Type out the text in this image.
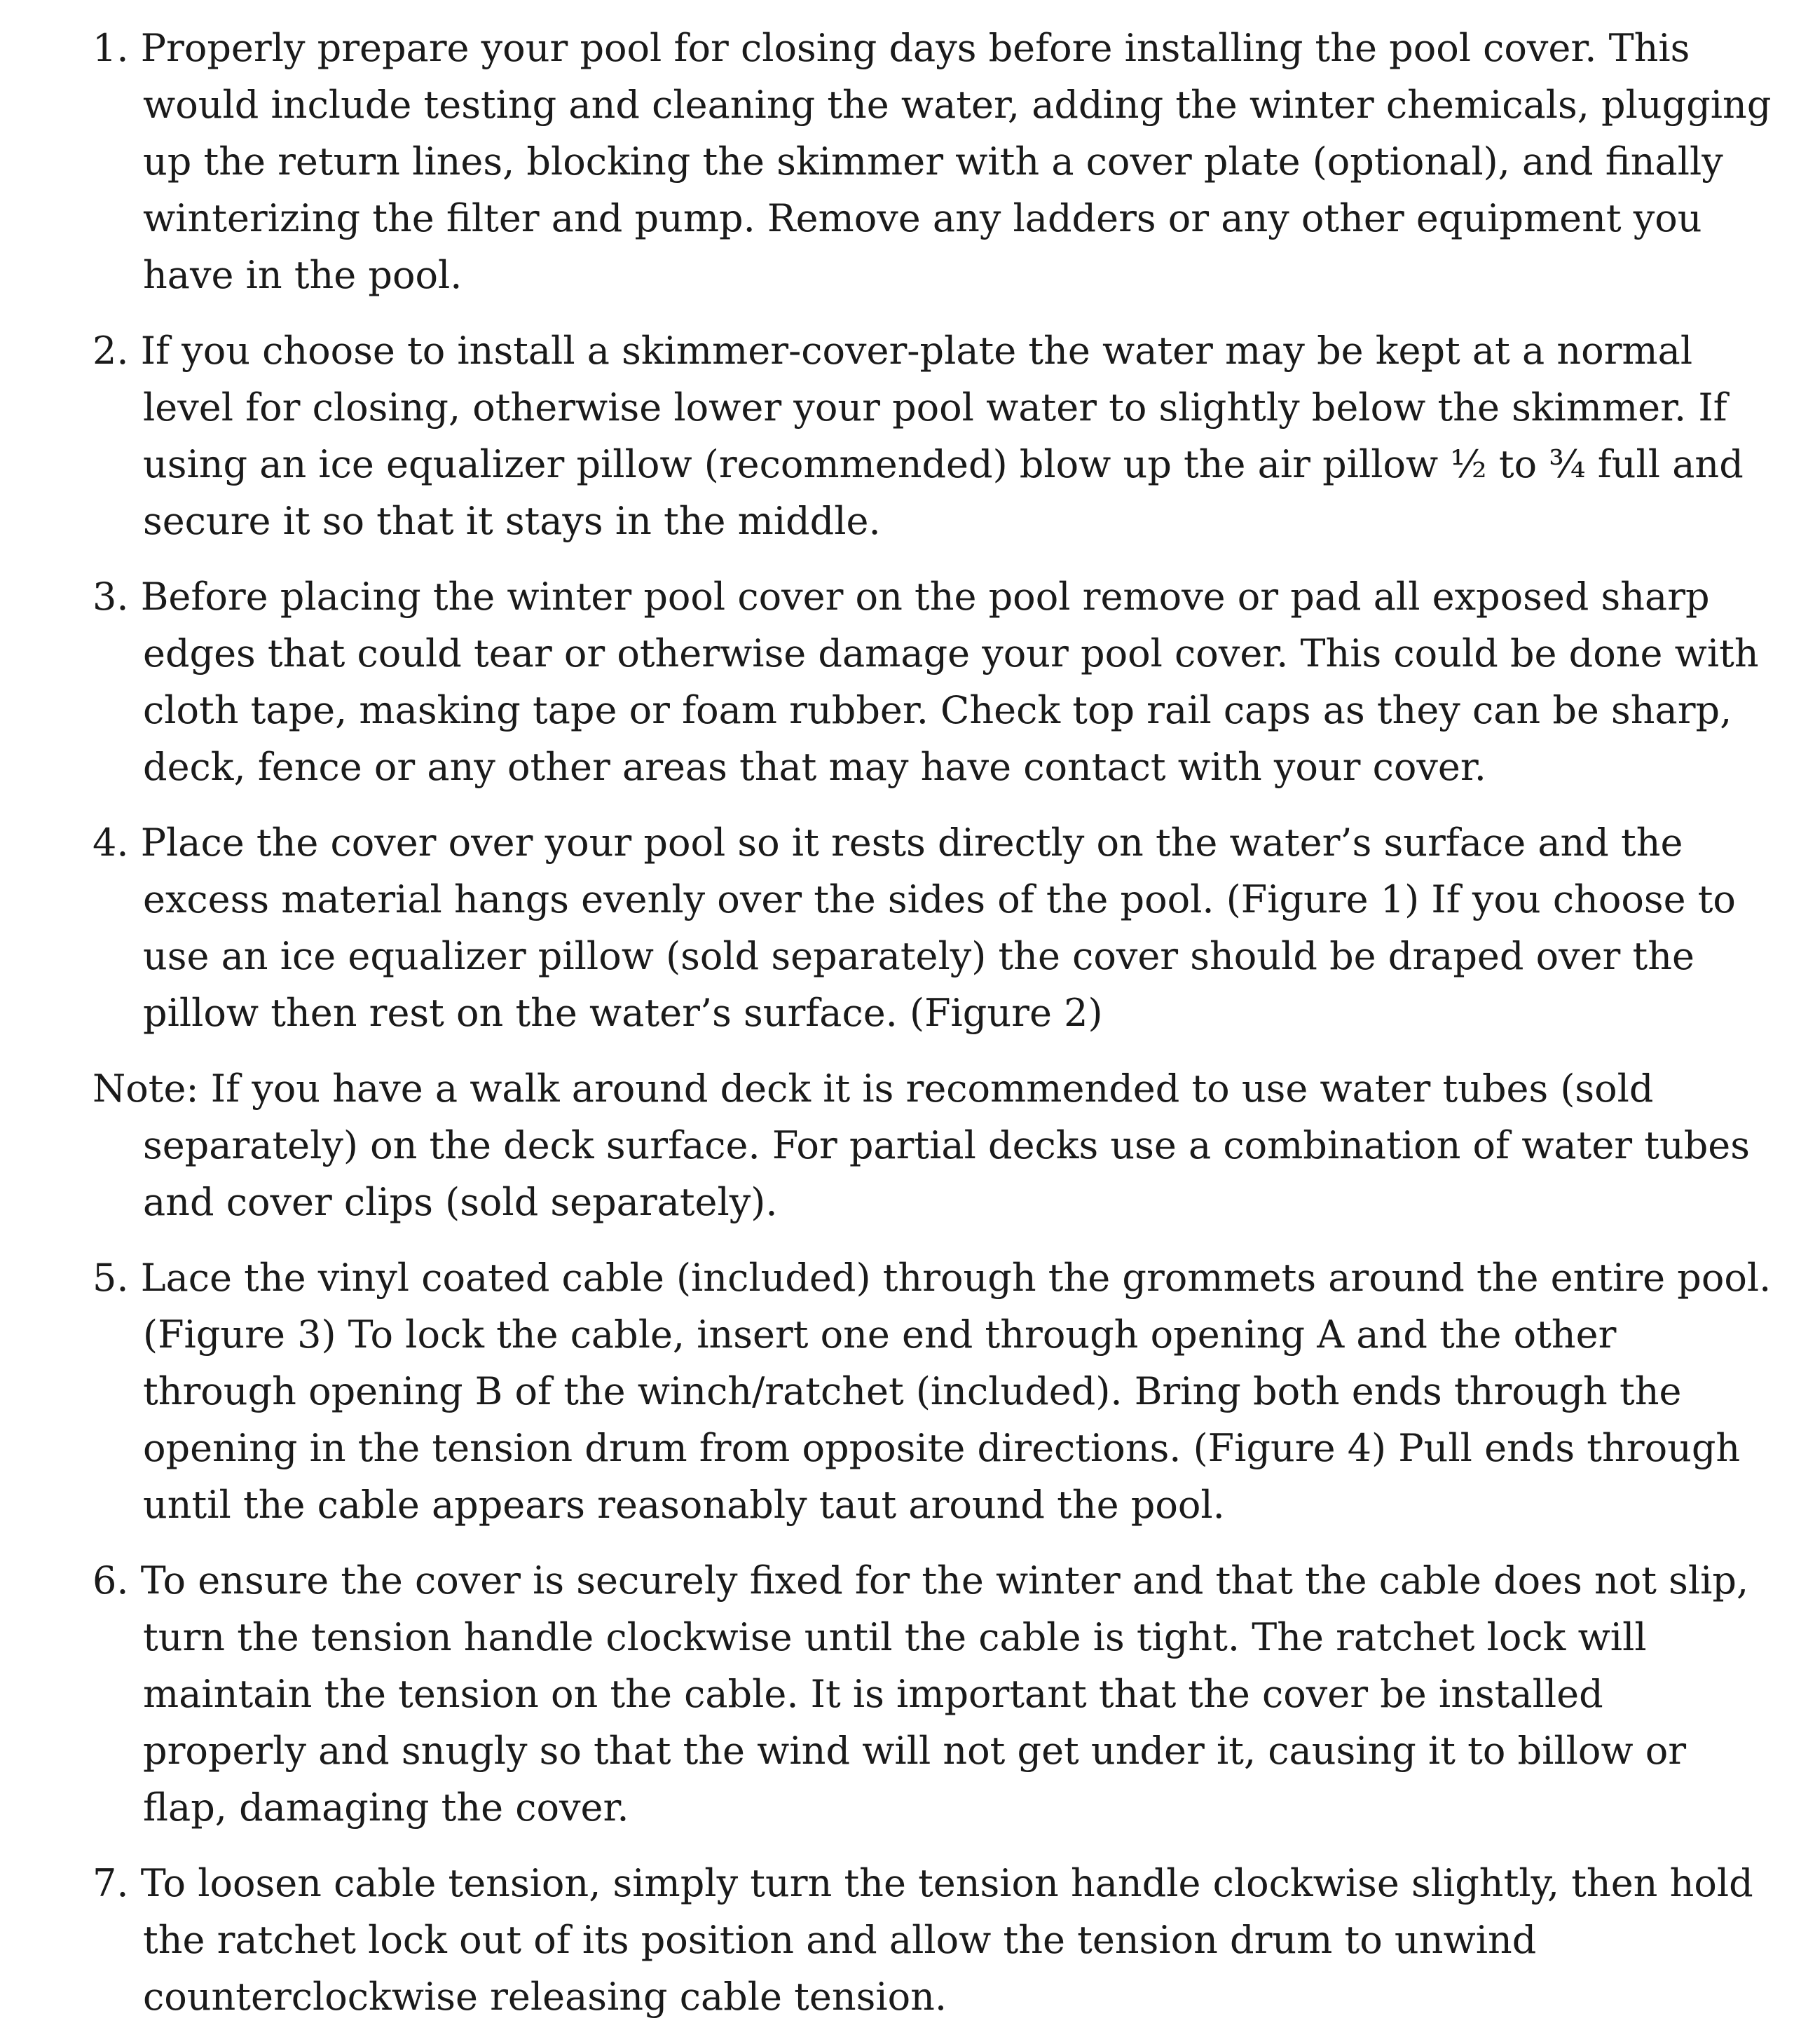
1. Properly prepare your pool for closing days before installing the pool cover. This would include testing and cleaning the water, adding the winter chemicals, plugging up the return lines, blocking the skimmer with a cover plate (optional), and finally winterizing the filter and pump. Remove any ladders or any other equipment you have in the pool.

2. If you choose to install a skimmer-cover-plate the water may be kept at a normal level for closing, otherwise lower your pool water to slightly below the skimmer. If using an ice equalizer pillow (recommended) blow up the air pillow ½ to ¾ full and secure it so that it stays in the middle.

3. Before placing the winter pool cover on the pool remove or pad all exposed sharp edges that could tear or otherwise damage your pool cover. This could be done with cloth tape, masking tape or foam rubber. Check top rail caps as they can be sharp, deck, fence or any other areas that may have contact with your cover.

4. Place the cover over your pool so it rests directly on the water’s surface and the excess material hangs evenly over the sides of the pool. (Figure 1) If you choose to use an ice equalizer pillow (sold separately) the cover should be draped over the pillow then rest on the water’s surface. (Figure 2)

Note: If you have a walk around deck it is recommended to use water tubes (sold separately) on the deck surface. For partial decks use a combination of water tubes and cover clips (sold separately).

5. Lace the vinyl coated cable (included) through the grommets around the entire pool. (Figure 3) To lock the cable, insert one end through opening A and the other through opening B of the winch/ratchet (included). Bring both ends through the opening in the tension drum from opposite directions. (Figure 4) Pull ends through until the cable appears reasonably taut around the pool.

6. To ensure the cover is securely fixed for the winter and that the cable does not slip, turn the tension handle clockwise until the cable is tight. The ratchet lock will maintain the tension on the cable. It is important that the cover be installed properly and snugly so that the wind will not get under it, causing it to billow or flap, damaging the cover.

7. To loosen cable tension, simply turn the tension handle clockwise slightly, then hold the ratchet lock out of its position and allow the tension drum to unwind counterclockwise releasing cable tension.
